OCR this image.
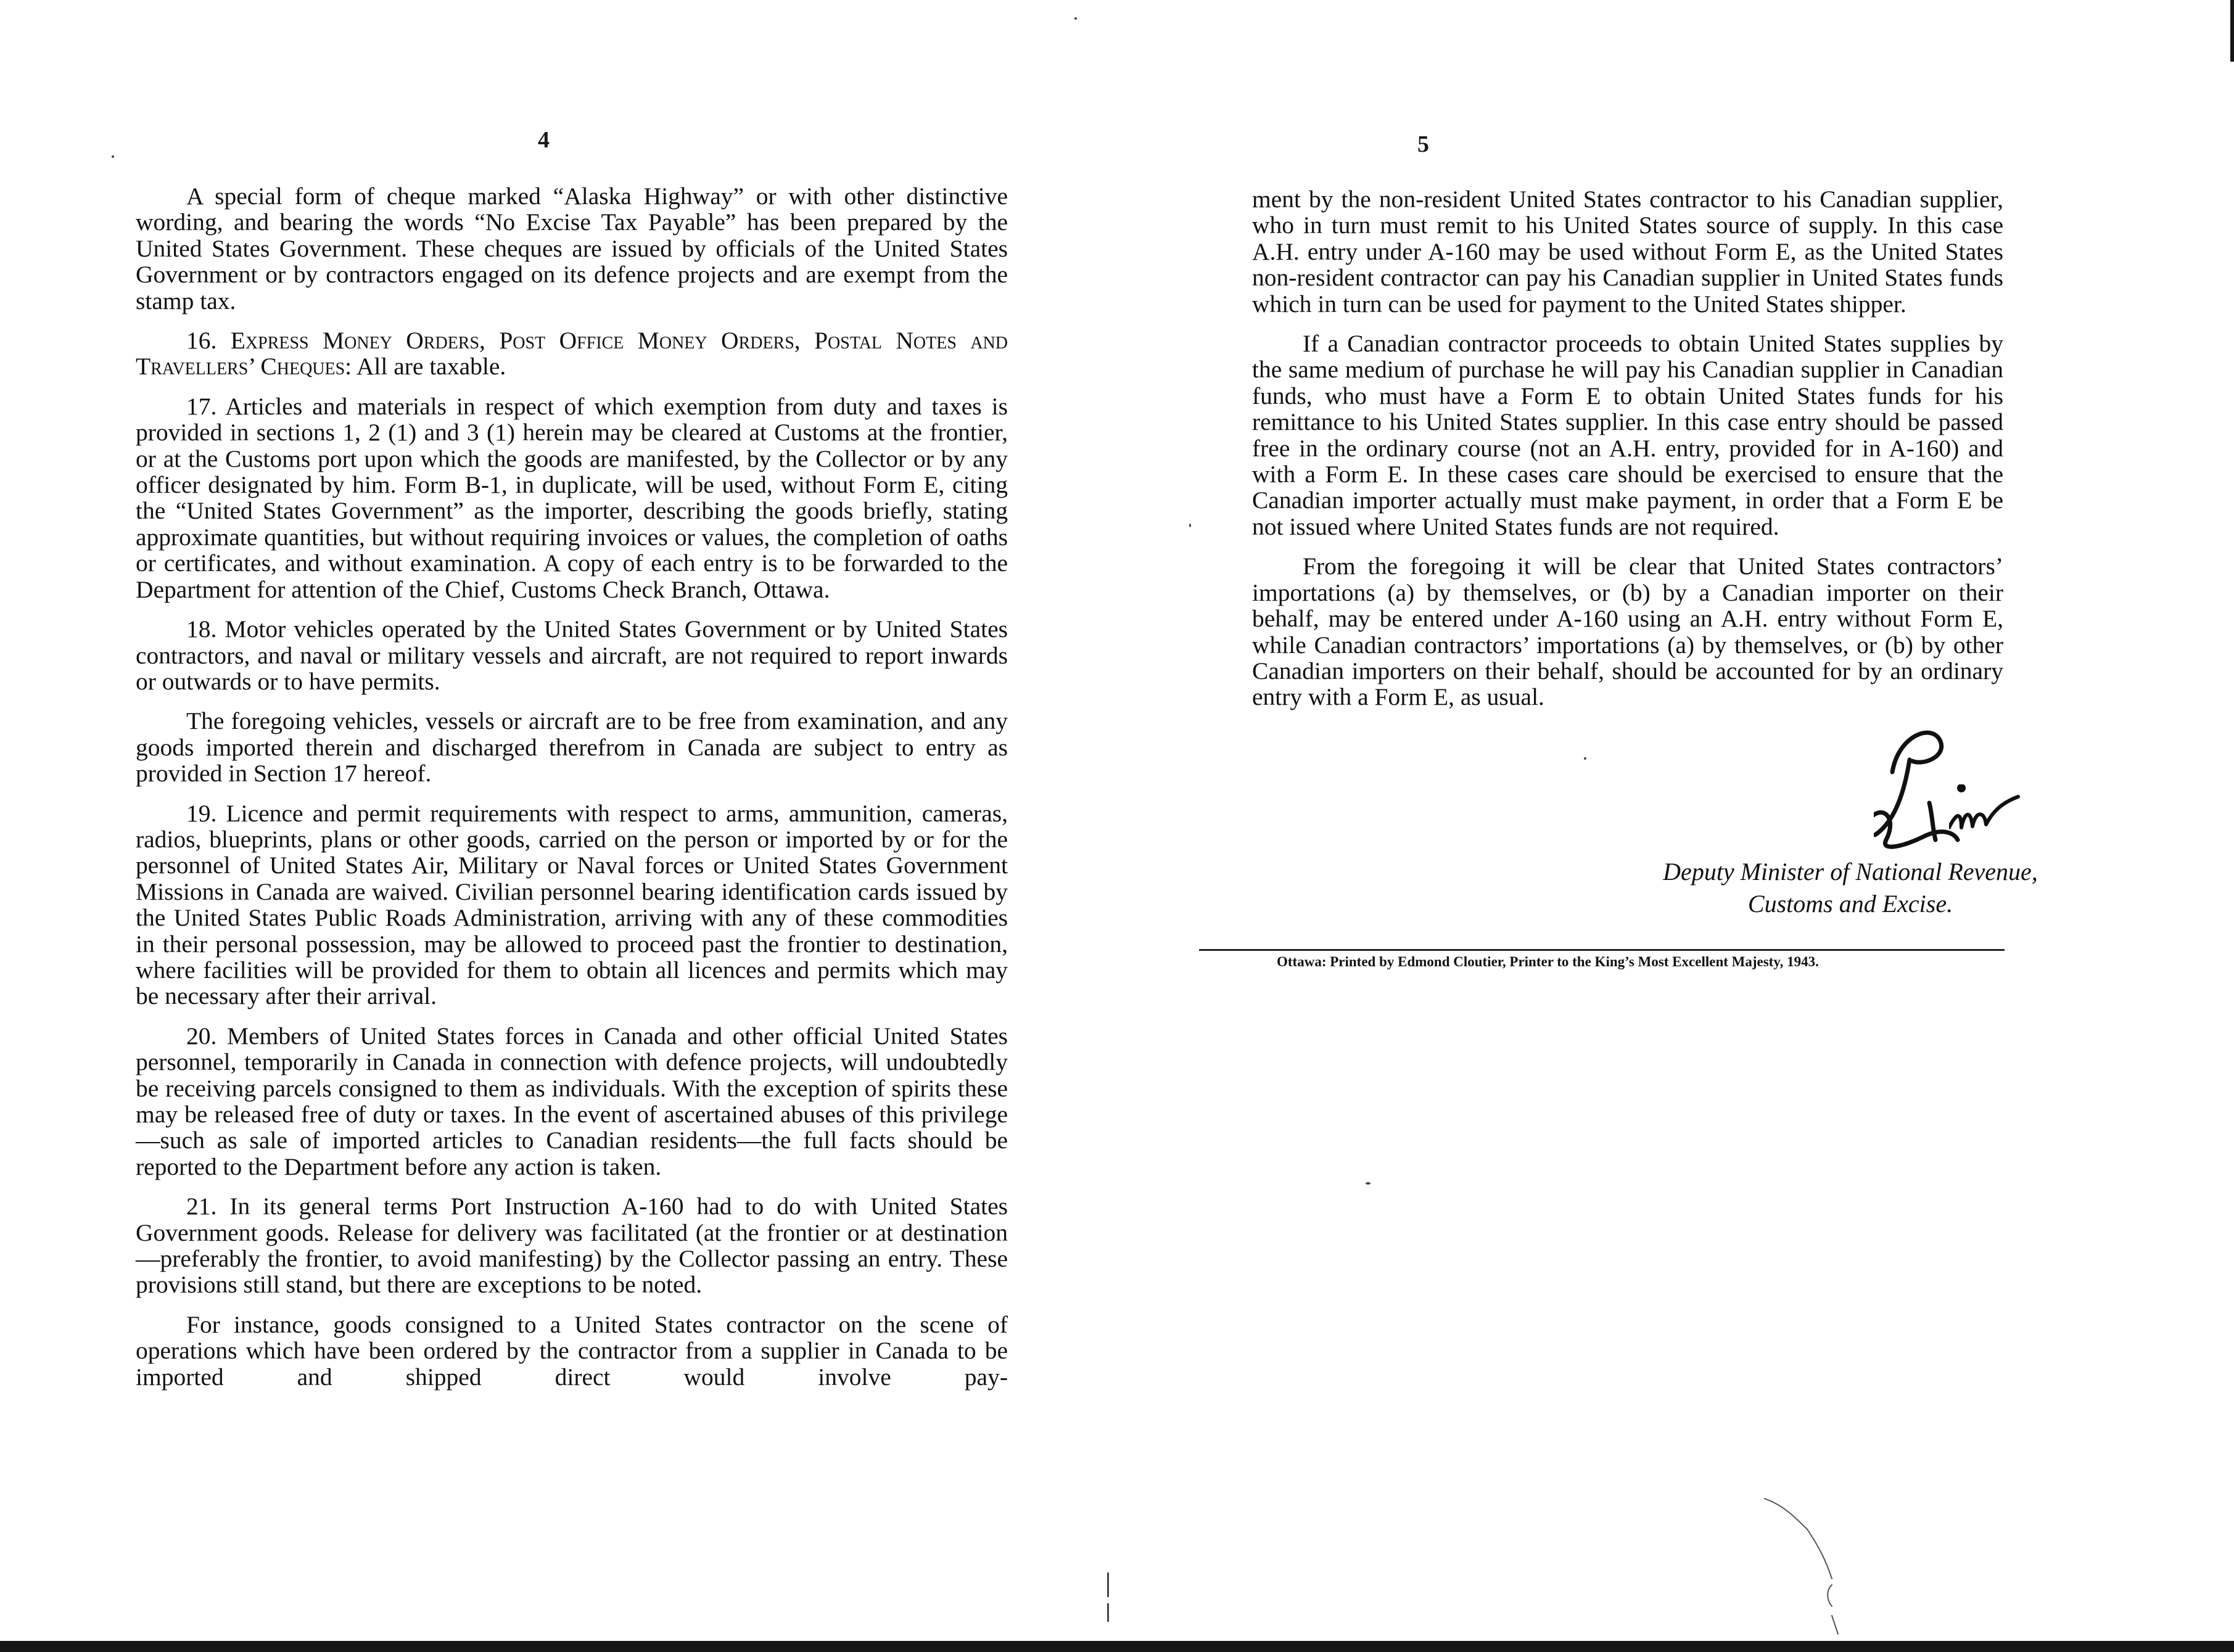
4

A special form of cheque marked “Alaska Highway” or with other distinctive wording, and bearing the words “No Excise Tax Payable” has been prepared by the United States Government. These cheques are issued by officials of the United States Government or by contractors engaged on its defence projects and are exempt from the stamp tax.

16. Express Money Orders, Post Office Money Orders, Postal Notes and Travellers’ Cheques: All are taxable.

17. Articles and materials in respect of which exemption from duty and taxes is provided in sections 1, 2 (1) and 3 (1) herein may be cleared at Customs at the frontier, or at the Customs port upon which the goods are manifested, by the Collector or by any officer designated by him. Form B-1, in duplicate, will be used, without Form E, citing the “United States Government” as the importer, describing the goods briefly, stating approximate quantities, but without requiring invoices or values, the completion of oaths or certificates, and without examination. A copy of each entry is to be forwarded to the Department for attention of the Chief, Customs Check Branch, Ottawa.

18. Motor vehicles operated by the United States Government or by United States contractors, and naval or military vessels and aircraft, are not required to report inwards or outwards or to have permits.

The foregoing vehicles, vessels or aircraft are to be free from examination, and any goods imported therein and discharged therefrom in Canada are subject to entry as provided in Section 17 hereof.

19. Licence and permit requirements with respect to arms, ammunition, cameras, radios, blueprints, plans or other goods, carried on the person or imported by or for the personnel of United States Air, Military or Naval forces or United States Government Missions in Canada are waived. Civilian personnel bearing identification cards issued by the United States Public Roads Administration, arriving with any of these commodities in their personal possession, may be allowed to proceed past the frontier to destination, where facilities will be provided for them to obtain all licences and permits which may be necessary after their arrival.

20. Members of United States forces in Canada and other official United States personnel, temporarily in Canada in connection with defence projects, will undoubtedly be receiving parcels consigned to them as individuals. With the exception of spirits these may be released free of duty or taxes. In the event of ascertained abuses of this privilege—such as sale of imported articles to Canadian residents—the full facts should be reported to the Department before any action is taken.

21. In its general terms Port Instruction A-160 had to do with United States Government goods. Release for delivery was facilitated (at the frontier or at destination—preferably the frontier, to avoid manifesting) by the Collector passing an entry. These provisions still stand, but there are exceptions to be noted.

For instance, goods consigned to a United States contractor on the scene of operations which have been ordered by the contractor from a supplier in Canada to be imported and shipped direct would involve pay-

5

ment by the non-resident United States contractor to his Canadian supplier, who in turn must remit to his United States source of supply. In this case A.H. entry under A-160 may be used without Form E, as the United States non-resident contractor can pay his Canadian supplier in United States funds which in turn can be used for payment to the United States shipper.

If a Canadian contractor proceeds to obtain United States supplies by the same medium of purchase he will pay his Canadian supplier in Canadian funds, who must have a Form E to obtain United States funds for his remittance to his United States supplier. In this case entry should be passed free in the ordinary course (not an A.H. entry, provided for in A-160) and with a Form E. In these cases care should be exercised to ensure that the Canadian importer actually must make payment, in order that a Form E be not issued where United States funds are not required.

From the foregoing it will be clear that United States contractors’ importations (a) by themselves, or (b) by a Canadian importer on their behalf, may be entered under A-160 using an A.H. entry without Form E, while Canadian contractors’ importations (a) by themselves, or (b) by other Canadian importers on their behalf, should be accounted for by an ordinary entry with a Form E, as usual.

Deputy Minister of National Revenue,
Customs and Excise.
Ottawa: Printed by Edmond Cloutier, Printer to the King’s Most Excellent Majesty, 1943.
